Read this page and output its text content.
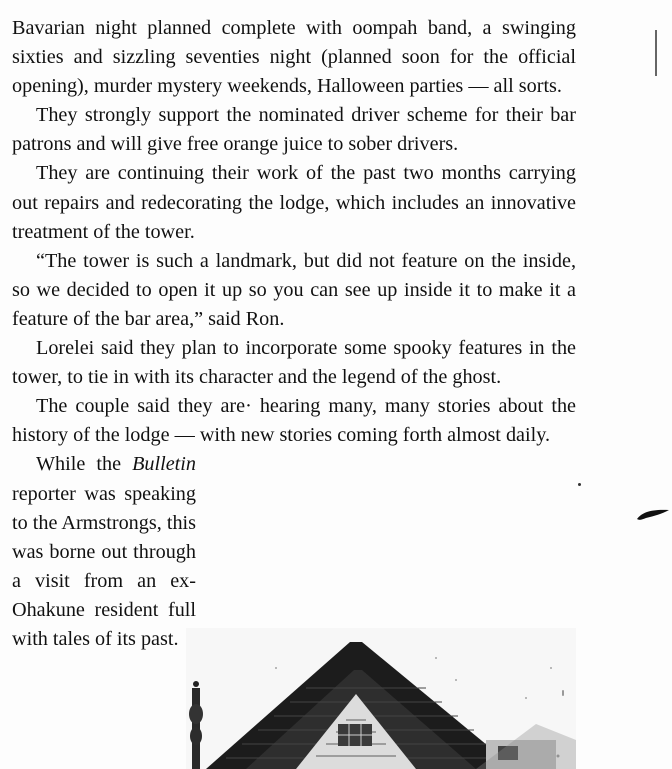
Bavarian night planned complete with oompah band, a swinging sixties and sizzling seventies night (planned soon for the official opening), murder mystery weekends, Halloween parties — all sorts.

They strongly support the nominated driver scheme for their bar patrons and will give free orange juice to sober drivers.

They are continuing their work of the past two months carrying out repairs and redecorating the lodge, which includes an innovative treatment of the tower.

“The tower is such a landmark, but did not feature on the inside, so we decided to open it up so you can see up inside it to make it a feature of the bar area,” said Ron.

Lorelei said they plan to incorporate some spooky features in the tower, to tie in with its character and the legend of the ghost.

The couple said they are· hearing many, many stories about the history of the lodge — with new stories coming forth almost daily.

While the Bulletin reporter was speaking to the Armstrongs, this was borne out through a visit from an ex-Ohakune resident full with tales of its past.
